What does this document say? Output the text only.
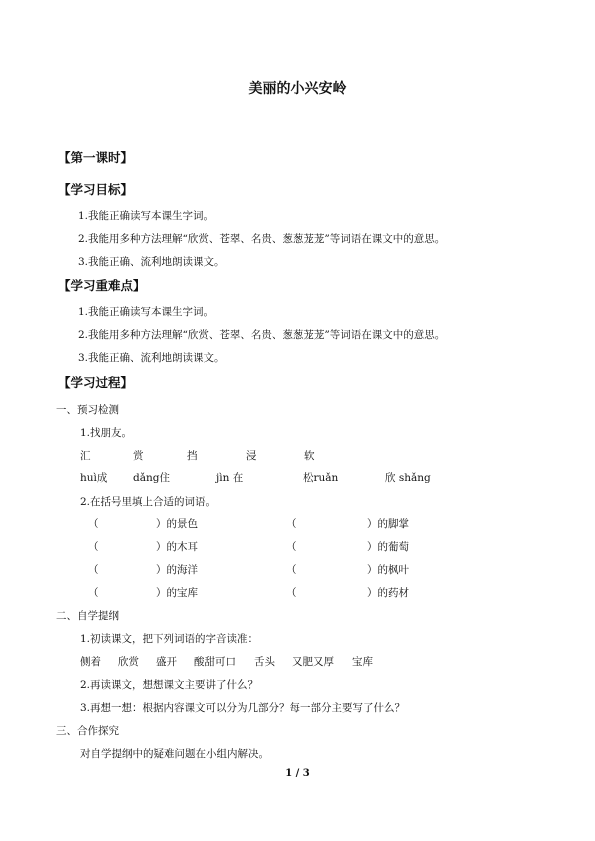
美丽的小兴安岭
【第一课时】
【学习目标】
1.我能正确读写本课生字词。
2.我能用多种方法理解“欣赏、苍翠、名贵、葱葱茏茏”等词语在课文中的意思。
3.我能正确、流利地朗读课文。
【学习重难点】
1.我能正确读写本课生字词。
2.我能用多种方法理解“欣赏、苍翠、名贵、葱葱茏茏”等词语在课文中的意思。
3.我能正确、流利地朗读课文。
【学习过程】
一、预习检测
1.找朋友。
汇	赏	挡	浸	软
huì成 dǎng住	jìn 在	松ruǎn	欣 shǎng
2.在括号里填上合适的词语。
（	）的景色	（	）的脚掌
（	）的木耳	（	）的葡萄
（	）的海洋	（	）的枫叶
（	）的宝库	（	）的药材
二、自学提纲
1.初读课文，把下列词语的字音读准：
侧着 欣赏 盛开 酸甜可口 舌头 又肥又厚 宝库
2.再读课文，想想课文主要讲了什么？
3.再想一想：根据内容课文可以分为几部分？每一部分主要写了什么？
三、合作探究
对自学提纲中的疑难问题在小组内解决。
1 / 3
